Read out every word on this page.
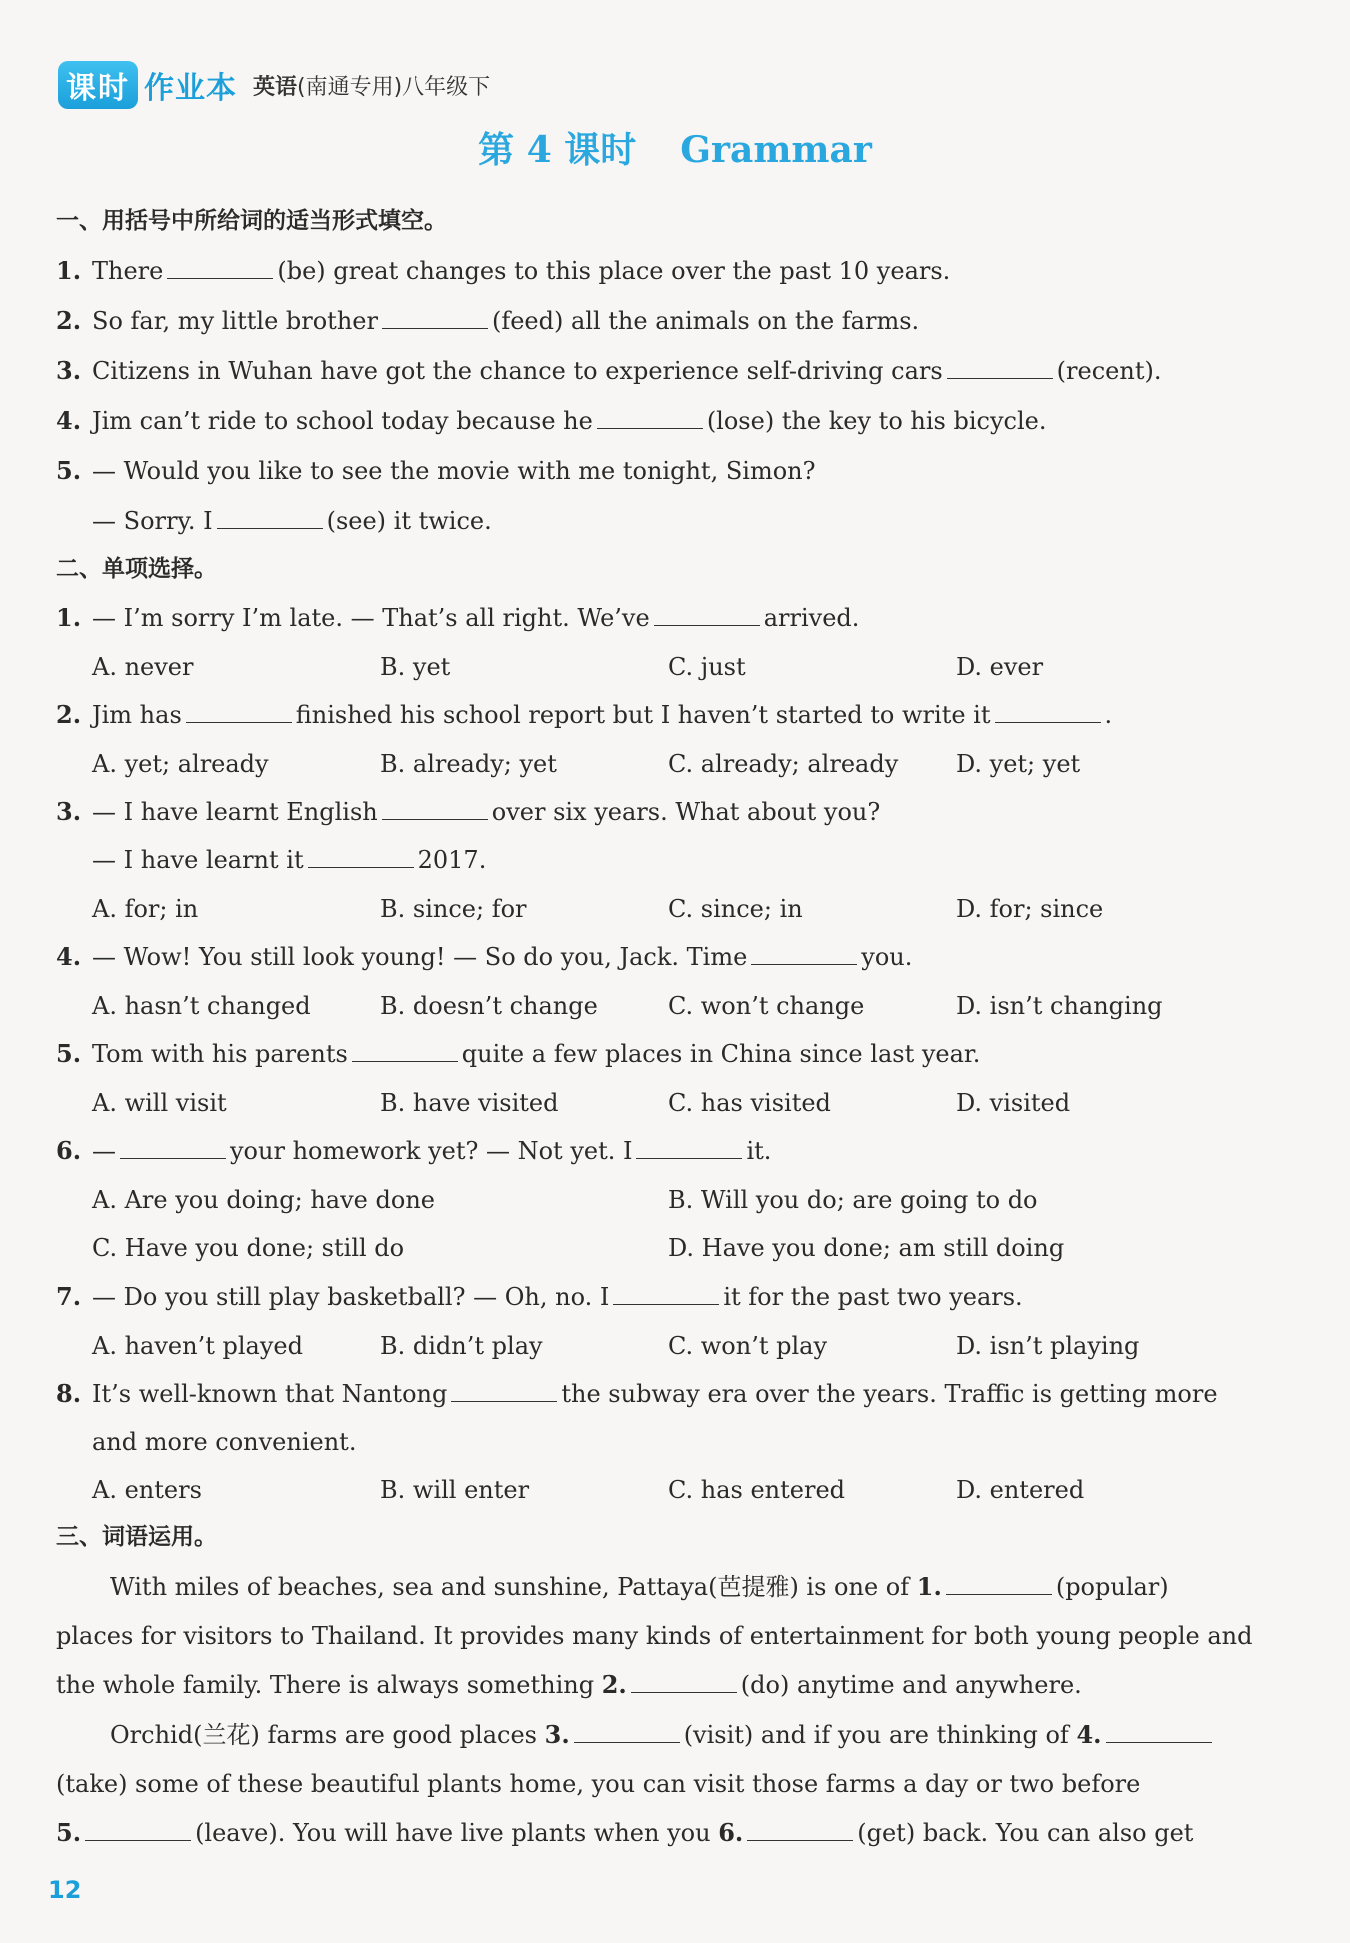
课时 作业本 英语(南通专用)八年级下
第 4 课时 Grammar
一、用括号中所给词的适当形式填空。
1. There	(be) great changes to this place over the past 10 years.
2. So far, my little brother	(feed) all the animals on the farms.
3. Citizens in Wuhan have got the chance to experience self-driving cars	(recent).
4. Jim can’t ride to school today because he	(lose) the key to his bicycle.
5. — Would you like to see the movie with me tonight, Simon?
— Sorry. I	(see) it twice.
二、单项选择。
1. — I’m sorry I’m late. — That’s all right. We’ve	arrived.
A. never	B. yet	C. just	D. ever
2. Jim has	finished his school report but I haven’t started to write it	.
A. yet; already	B. already; yet	C. already; already D. yet; yet
3. — I have learnt English	over six years. What about you?
— I have learnt it	2017.
A. for; in	B. since; for	C. since; in	D. for; since
4. — Wow! You still look young! — So do you, Jack. Time	you.
A. hasn’t changed	B. doesn’t change	C. won’t change	D. isn’t changing
5. Tom with his parents	quite a few places in China since last year.
A. will visit	B. have visited	C. has visited	D. visited
6. —	your homework yet? — Not yet. I	it.
A. Are you doing; have done	B. Will you do; are going to do
C. Have you done; still do	D. Have you done; am still doing
7. — Do you still play basketball? — Oh, no. I	it for the past two years.
A. haven’t played	B. didn’t play	C. won’t play	D. isn’t playing
8. It’s well-known that Nantong	the subway era over the years. Traffic is getting more
and more convenient.
A. enters	B. will enter	C. has entered	D. entered
三、词语运用。
With miles of beaches, sea and sunshine, Pattaya(芭提雅) is one of 1.	(popular)
places for visitors to Thailand. It provides many kinds of entertainment for both young people and
the whole family. There is always something 2.	(do) anytime and anywhere.
Orchid(兰花) farms are good places 3.	(visit) and if you are thinking of 4.
(take) some of these beautiful plants home, you can visit those farms a day or two before
5.	(leave). You will have live plants when you 6.	(get) back. You can also get
12
